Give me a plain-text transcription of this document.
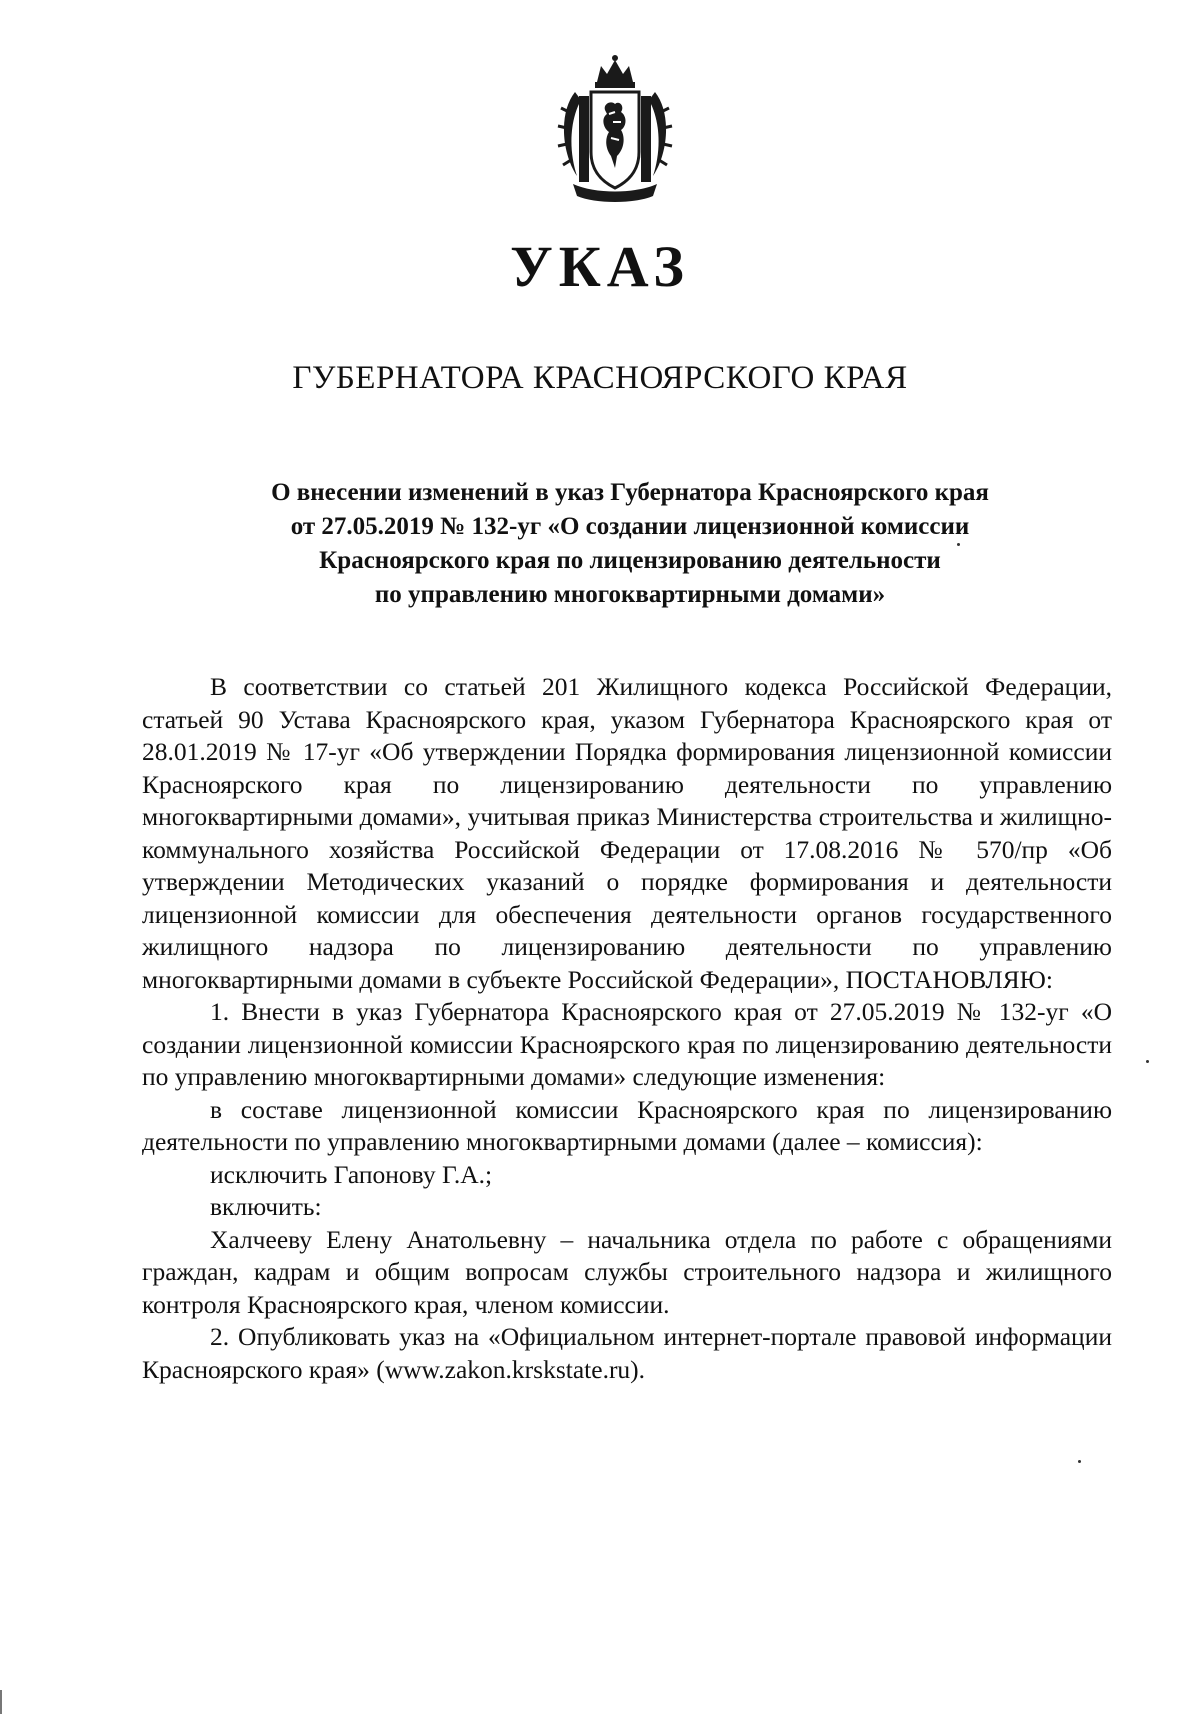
УКАЗ
ГУБЕРНАТОРА КРАСНОЯРСКОГО КРАЯ
О внесении изменений в указ Губернатора Красноярского края
от 27.05.2019 № 132-уг «О создании лицензионной комиссии
Красноярского края по лицензированию деятельности
по управлению многоквартирными домами»

В соответствии со статьей 201 Жилищного кодекса Российской Федерации, статьей 90 Устава Красноярского края, указом Губернатора Красноярского края от 28.01.2019 № 17-уг «Об утверждении Порядка формирования лицензионной комиссии Красноярского края по лицензированию деятельности по управлению многоквартирными домами», учитывая приказ Министерства строительства и жилищно-коммунального хозяйства Российской Федерации от 17.08.2016 № 570/пр «Об утверждении Методических указаний о порядке формирования и деятельности лицензионной комиссии для обеспечения деятельности органов государственного жилищного надзора по лицензированию деятельности по управлению многоквартирными домами в субъекте Российской Федерации», ПОСТАНОВЛЯЮ:

1. Внести в указ Губернатора Красноярского края от 27.05.2019 № 132-уг «О создании лицензионной комиссии Красноярского края по лицензированию деятельности по управлению многоквартирными домами» следующие изменения:

в составе лицензионной комиссии Красноярского края по лицензированию деятельности по управлению многоквартирными домами (далее – комиссия):

исключить Гапонову Г.А.;

включить:

Халчееву Елену Анатольевну – начальника отдела по работе с обращениями граждан, кадрам и общим вопросам службы строительного надзора и жилищного контроля Красноярского края, членом комиссии.

2. Опубликовать указ на «Официальном интернет-портале правовой информации Красноярского края» (www.zakon.krskstate.ru).
